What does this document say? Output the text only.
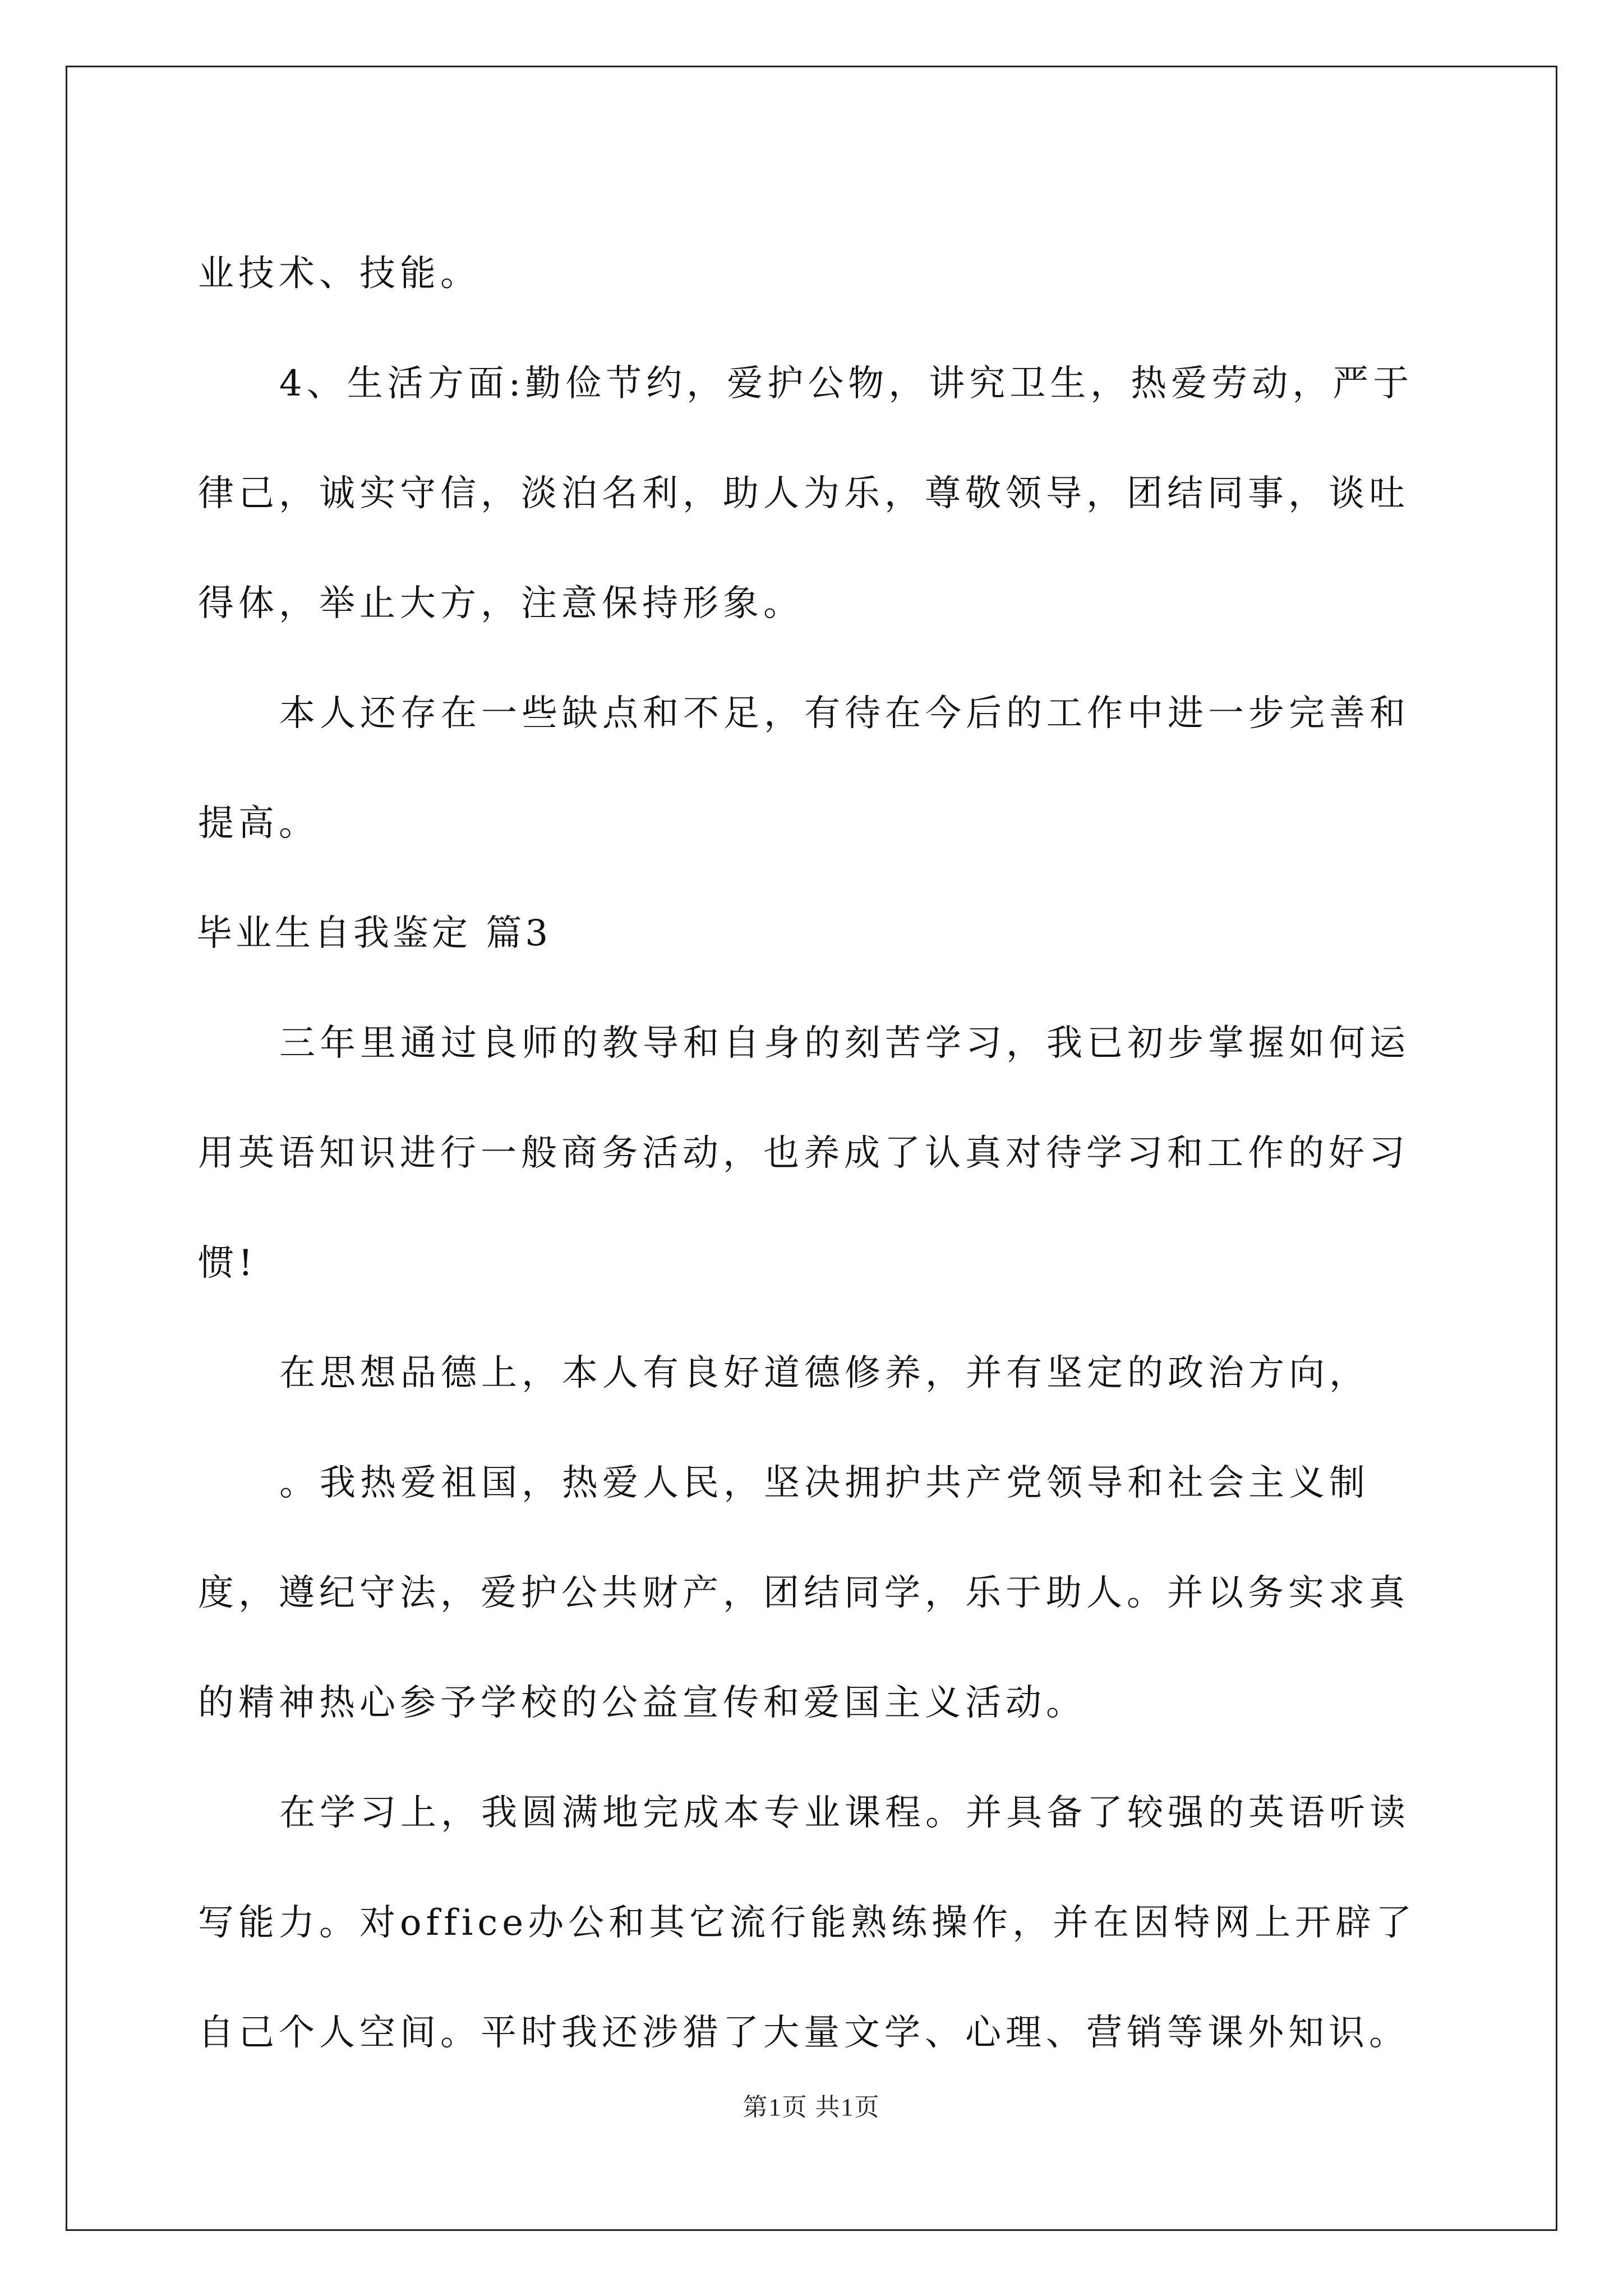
业技术、技能。

4、生活方面:勤俭节约，爱护公物，讲究卫生，热爱劳动，严于律己，诚实守信，淡泊名利，助人为乐，尊敬领导，团结同事，谈吐得体，举止大方，注意保持形象。

本人还存在一些缺点和不足，有待在今后的工作中进一步完善和提高。

毕业生自我鉴定 篇3

三年里通过良师的教导和自身的刻苦学习，我已初步掌握如何运用英语知识进行一般商务活动，也养成了认真对待学习和工作的好习惯!

在思想品德上，本人有良好道德修养，并有坚定的政治方向，

。我热爱祖国，热爱人民，坚决拥护共产党领导和社会主义制度，遵纪守法，爱护公共财产，团结同学，乐于助人。并以务实求真的精神热心参予学校的公益宣传和爱国主义活动。

在学习上，我圆满地完成本专业课程。并具备了较强的英语听读写能力。对office办公和其它流行能熟练操作，并在因特网上开辟了自己个人空间。平时我还涉猎了大量文学、心理、营销等课外知识。

第1页 共1页
